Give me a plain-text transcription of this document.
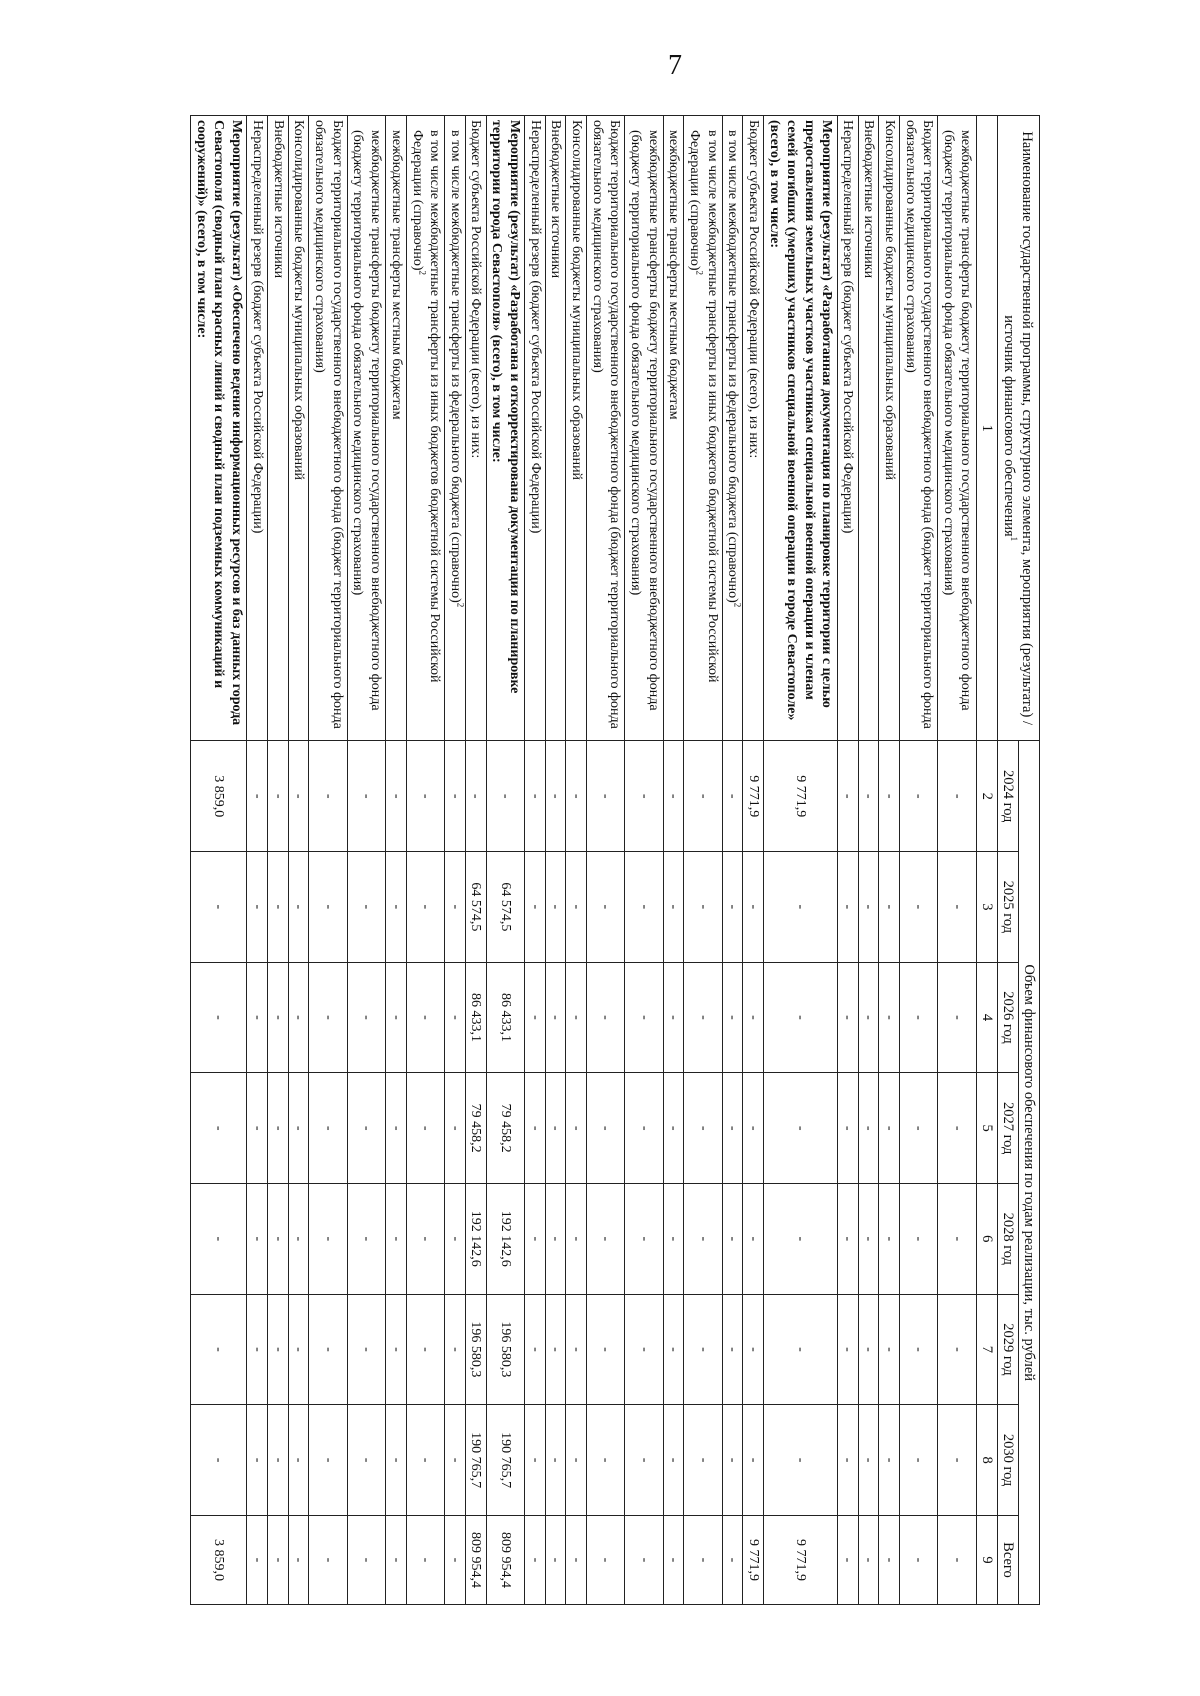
7
Наименование государственной программы, структурного элемента, мероприятия (результата) / источник финансового обеспечения$^1$	Объем финансового обеспечения по годам реализации, тыс. рублей							
	2024 год	2025 год	2026 год	2027 год	2028 год	2029 год	2030 год	Всего
1	2	3	4	5	6	7	8	9
межбюджетные трансферты бюджету территориального государственного внебюджетного фонда (бюджету территориального фонда обязательного медицинского страхования)	-	-	-	-	-	-	-	-
Бюджет территориального государственного внебюджетного фонда (бюджет территориального фонда обязательного медицинского страхования)	-	-	-	-	-	-	-	-
Консолидированные бюджеты муниципальных образований	-	-	-	-	-	-	-	-
Внебюджетные источники	-	-	-	-	-	-	-	-
Нераспределенный резерв (бюджет субъекта Российской Федерации)	-	-	-	-	-	-	-	-
Мероприятие (результат) «Разработанная документация по планировке территории с целью предоставления земельных участков участникам специальной военной операции и членам семей погибших (умерших) участников специальной военной операции в городе Севастополе» (всего), в том числе:	9 771,9	-	-	-	-	-	-	9 771,9
Бюджет субъекта Российской Федерации (всего), из них:	9 771,9	-	-	-	-	-	-	9 771,9
в том числе межбюджетные трансферты из федерального бюджета (справочно)$^2$	-	-	-	-	-	-	-	-
в том числе межбюджетные трансферты из иных бюджетов бюджетной системы Российской Федерации (справочно)$^2$	-	-	-	-	-	-	-	-
межбюджетные трансферты местным бюджетам	-	-	-	-	-	-	-	-
межбюджетные трансферты бюджету территориального государственного внебюджетного фонда (бюджету территориального фонда обязательного медицинского страхования)	-	-	-	-	-	-	-	-
Бюджет территориального государственного внебюджетного фонда (бюджет территориального фонда обязательного медицинского страхования)	-	-	-	-	-	-	-	-
Консолидированные бюджеты муниципальных образований	-	-	-	-	-	-	-	-
Внебюджетные источники	-	-	-	-	-	-	-	-
Нераспределенный резерв (бюджет субъекта Российской Федерации)	-	-	-	-	-	-	-	-
Мероприятие (результат) «Разработана и откорректирована документация по планировке территории города Севастополя» (всего), в том числе:	-	64 574,5	86 433,1	79 458,2	192 142,6	196 580,3	190 765,7	809 954,4
Бюджет субъекта Российской Федерации (всего), из них:	-	64 574,5	86 433,1	79 458,2	192 142,6	196 580,3	190 765,7	809 954,4
в том числе межбюджетные трансферты из федерального бюджета (справочно)$^2$	-	-	-	-	-	-	-	-
в том числе межбюджетные трансферты из иных бюджетов бюджетной системы Российской Федерации (справочно)$^2$	-	-	-	-	-	-	-	-
межбюджетные трансферты местным бюджетам	-	-	-	-	-	-	-	-
межбюджетные трансферты бюджету территориального государственного внебюджетного фонда (бюджету территориального фонда обязательного медицинского страхования)	-	-	-	-	-	-	-	-
Бюджет территориального государственного внебюджетного фонда (бюджет территориального фонда обязательного медицинского страхования)	-	-	-	-	-	-	-	-
Консолидированные бюджеты муниципальных образований	-	-	-	-	-	-	-	-
Внебюджетные источники	-	-	-	-	-	-	-	-
Нераспределенный резерв (бюджет субъекта Российской Федерации)	-	-	-	-	-	-	-	-
Мероприятие (результат) «Обеспечено ведение информационных ресурсов и баз данных города Севастополя (сводный план красных линий и сводный план подземных коммуникаций и сооружений)» (всего), в том числе:	3 859,0	-	-	-	-	-	-	3 859,0
